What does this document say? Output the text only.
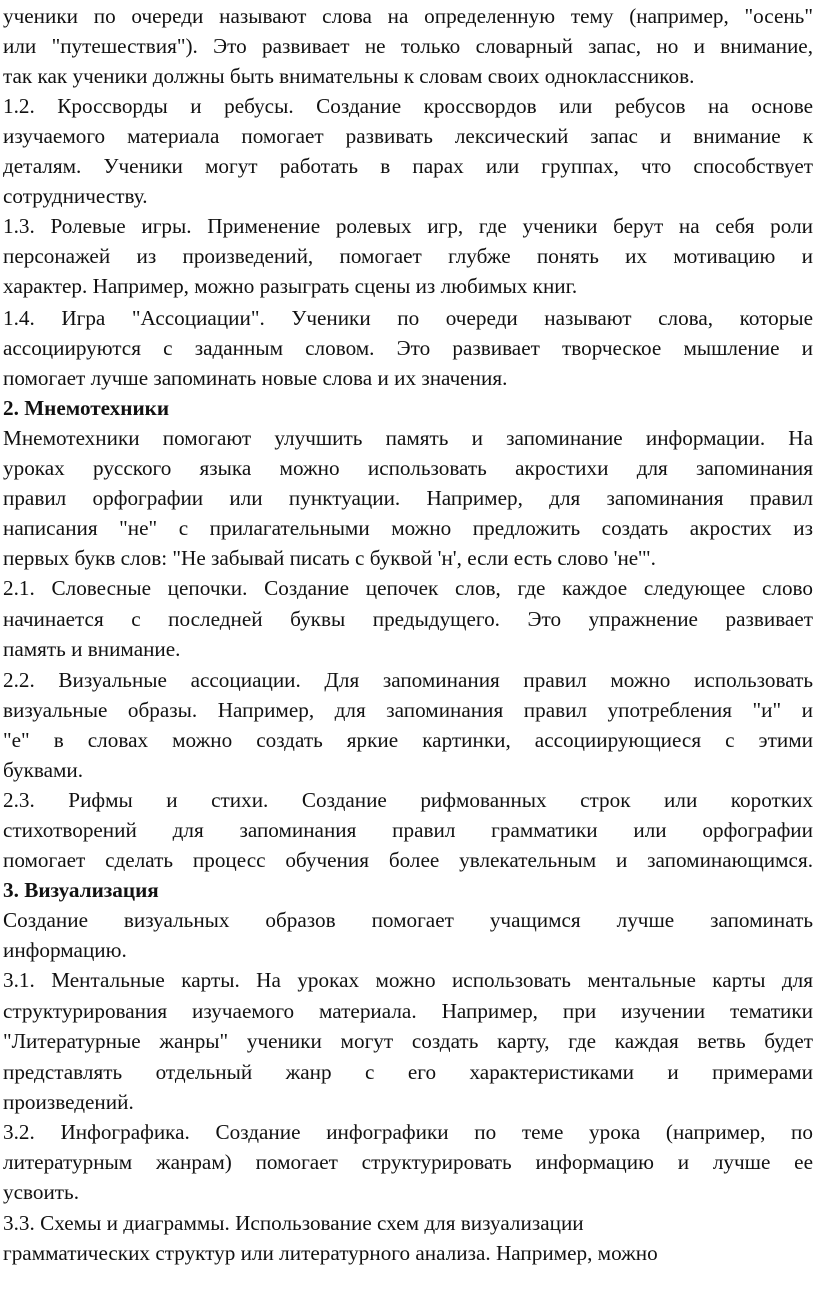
ученики по очереди называют слова на определенную тему (например, "осень"
или "путешествия"). Это развивает не только словарный запас, но и внимание,
так как ученики должны быть внимательны к словам своих одноклассников.
1.2. Кроссворды и ребусы. Создание кроссвордов или ребусов на основе
изучаемого материала помогает развивать лексический запас и внимание к
деталям. Ученики могут работать в парах или группах, что способствует
сотрудничеству.
1.3. Ролевые игры. Применение ролевых игр, где ученики берут на себя роли
персонажей из произведений, помогает глубже понять их мотивацию и
характер. Например, можно разыграть сцены из любимых книг.
1.4. Игра "Ассоциации". Ученики по очереди называют слова, которые
ассоциируются с заданным словом. Это развивает творческое мышление и
помогает лучше запоминать новые слова и их значения.
2. Мнемотехники
Мнемотехники помогают улучшить память и запоминание информации. На
уроках русского языка можно использовать акростихи для запоминания
правил орфографии или пунктуации. Например, для запоминания правил
написания "не" с прилагательными можно предложить создать акростих из
первых букв слов: "Не забывай писать с буквой 'н', если есть слово 'не'".
2.1. Словесные цепочки. Создание цепочек слов, где каждое следующее слово
начинается с последней буквы предыдущего. Это упражнение развивает
память и внимание.
2.2. Визуальные ассоциации. Для запоминания правил можно использовать
визуальные образы. Например, для запоминания правил употребления "и" и
"е" в словах можно создать яркие картинки, ассоциирующиеся с этими
буквами.
2.3. Рифмы и стихи. Создание рифмованных строк или коротких
стихотворений для запоминания правил грамматики или орфографии
помогает сделать процесс обучения более увлекательным и запоминающимся.
3. Визуализация
Создание визуальных образов помогает учащимся лучше запоминать
информацию.
3.1. Ментальные карты. На уроках можно использовать ментальные карты для
структурирования изучаемого материала. Например, при изучении тематики
"Литературные жанры" ученики могут создать карту, где каждая ветвь будет
представлять отдельный жанр с его характеристиками и примерами
произведений.
3.2. Инфографика. Создание инфографики по теме урока (например, по
литературным жанрам) помогает структурировать информацию и лучше ее
усвоить.
3.3. Схемы и диаграммы. Использование схем для визуализации
грамматических структур или литературного анализа. Например, можно
